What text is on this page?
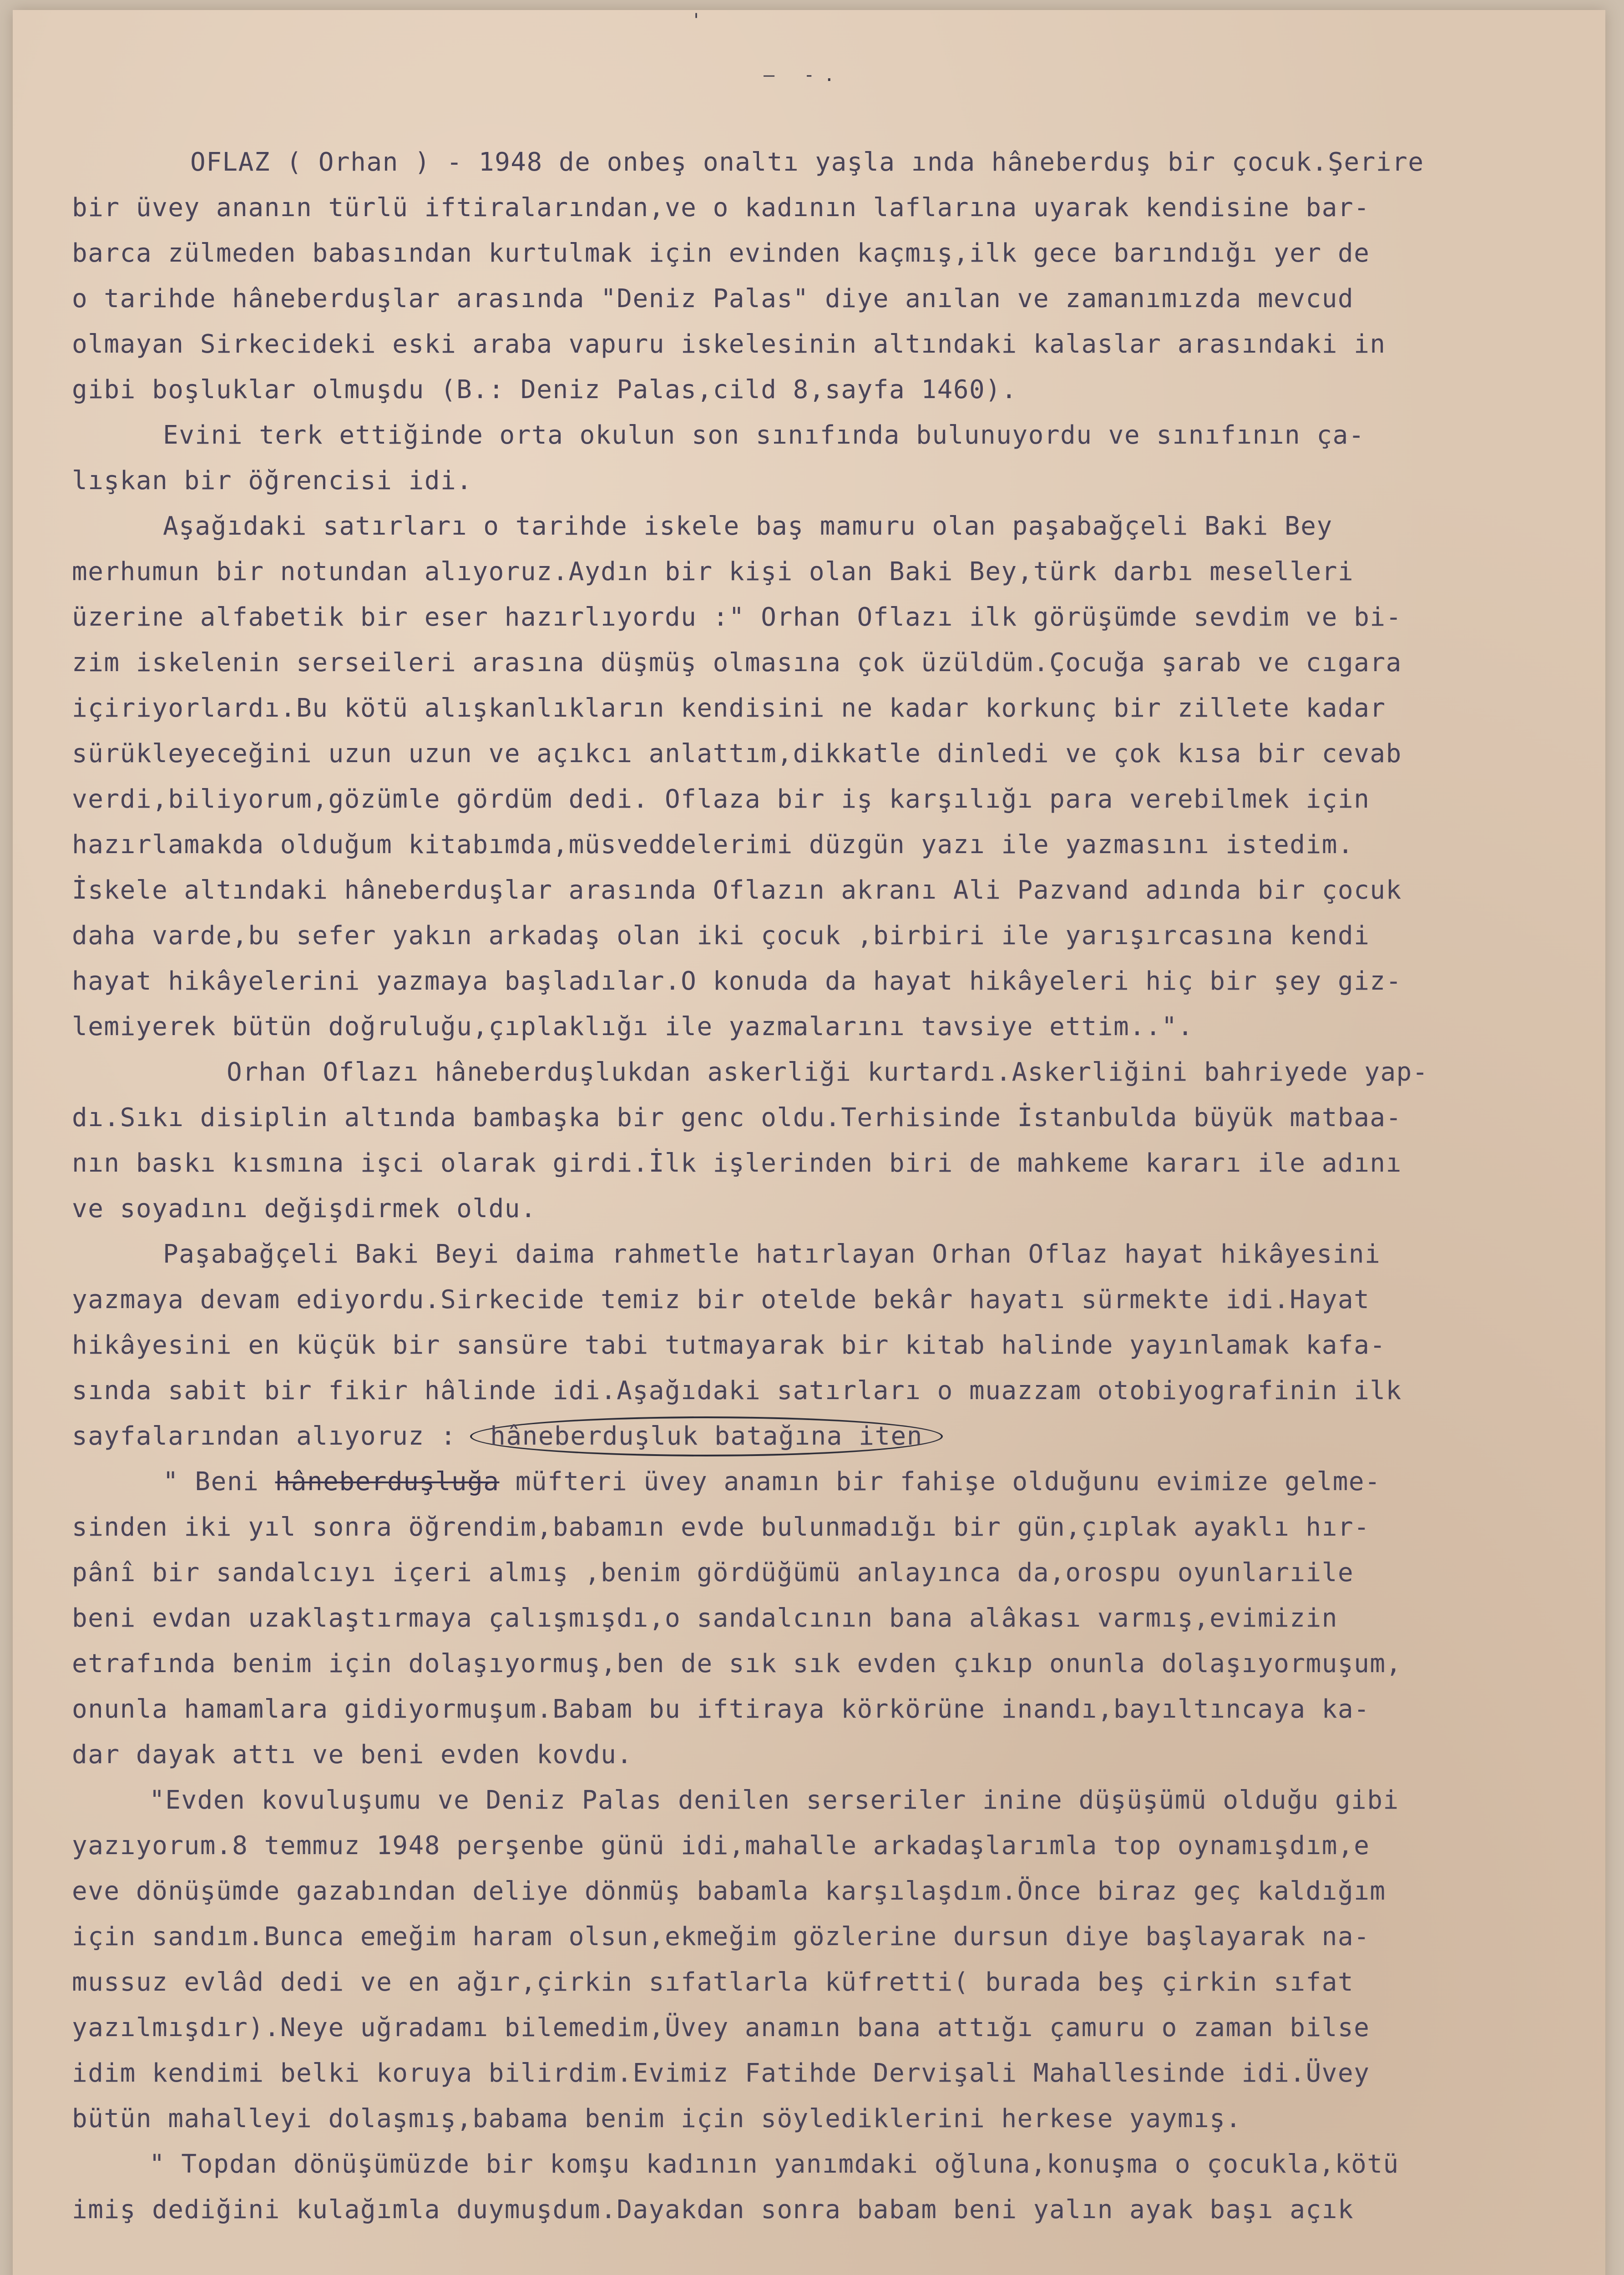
'
— -.
OFLAZ ( Orhan ) - 1948 de onbeş onaltı yaşla ında hâneberduş bir çocuk.Şerire
bir üvey ananın türlü iftiralarından,ve o kadının laflarına uyarak kendisine bar-
barca zülmeden babasından kurtulmak için evinden kaçmış,ilk gece barındığı yer de
o tarihde hâneberduşlar arasında "Deniz Palas" diye anılan ve zamanımızda mevcud
olmayan Sirkecideki eski araba vapuru iskelesinin altındaki kalaslar arasındaki in
gibi boşluklar olmuşdu (B.: Deniz Palas,cild 8,sayfa 1460).
Evini terk ettiğinde orta okulun son sınıfında bulunuyordu ve sınıfının ça-
lışkan bir öğrencisi idi.
Aşağıdaki satırları o tarihde iskele baş mamuru olan paşabağçeli Baki Bey
merhumun bir notundan alıyoruz.Aydın bir kişi olan Baki Bey,türk darbı meselleri
üzerine alfabetik bir eser hazırlıyordu :" Orhan Oflazı ilk görüşümde sevdim ve bi-
zim iskelenin serseileri arasına düşmüş olmasına çok üzüldüm.Çocuğa şarab ve cıgara
içiriyorlardı.Bu kötü alışkanlıkların kendisini ne kadar korkunç bir zillete kadar
sürükleyeceğini uzun uzun ve açıkcı anlattım,dikkatle dinledi ve çok kısa bir cevab
verdi,biliyorum,gözümle gördüm dedi. Oflaza bir iş karşılığı para verebilmek için
hazırlamakda olduğum kitabımda,müsveddelerimi düzgün yazı ile yazmasını istedim.
İskele altındaki hâneberduşlar arasında Oflazın akranı Ali Pazvand adında bir çocuk
daha varde,bu sefer yakın arkadaş olan iki çocuk ,birbiri ile yarışırcasına kendi
hayat hikâyelerini yazmaya başladılar.O konuda da hayat hikâyeleri hiç bir şey giz-
lemiyerek bütün doğruluğu,çıplaklığı ile yazmalarını tavsiye ettim..".
Orhan Oflazı hâneberduşlukdan askerliği kurtardı.Askerliğini bahriyede yap-
dı.Sıkı disiplin altında bambaşka bir genc oldu.Terhisinde İstanbulda büyük matbaa-
nın baskı kısmına işci olarak girdi.İlk işlerinden biri de mahkeme kararı ile adını
ve soyadını değişdirmek oldu.
Paşabağçeli Baki Beyi daima rahmetle hatırlayan Orhan Oflaz hayat hikâyesini
yazmaya devam ediyordu.Sirkecide temiz bir otelde bekâr hayatı sürmekte idi.Hayat
hikâyesini en küçük bir sansüre tabi tutmayarak bir kitab halinde yayınlamak kafa-
sında sabit bir fikir hâlinde idi.Aşağıdaki satırları o muazzam otobiyografinin ilk
sayfalarından alıyoruz : hâneberduşluk batağına iten
" Beni hâneberduşluğa müfteri üvey anamın bir fahişe olduğunu evimize gelme-
sinden iki yıl sonra öğrendim,babamın evde bulunmadığı bir gün,çıplak ayaklı hır-
pânî bir sandalcıyı içeri almış ,benim gördüğümü anlayınca da,orospu oyunlarıile
beni evdan uzaklaştırmaya çalışmışdı,o sandalcının bana alâkası varmış,evimizin
etrafında benim için dolaşıyormuş,ben de sık sık evden çıkıp onunla dolaşıyormuşum,
onunla hamamlara gidiyormuşum.Babam bu iftiraya körkörüne inandı,bayıltıncaya ka-
dar dayak attı ve beni evden kovdu.
"Evden kovuluşumu ve Deniz Palas denilen serseriler inine düşüşümü olduğu gibi
yazıyorum.8 temmuz 1948 perşenbe günü idi,mahalle arkadaşlarımla top oynamışdım,e
eve dönüşümde gazabından deliye dönmüş babamla karşılaşdım.Önce biraz geç kaldığım
için sandım.Bunca emeğim haram olsun,ekmeğim gözlerine dursun diye başlayarak na-
mussuz evlâd dedi ve en ağır,çirkin sıfatlarla küfretti( burada beş çirkin sıfat
yazılmışdır).Neye uğradamı bilemedim,Üvey anamın bana attığı çamuru o zaman bilse
idim kendimi belki koruya bilirdim.Evimiz Fatihde Dervişali Mahallesinde idi.Üvey
bütün mahalleyi dolaşmış,babama benim için söylediklerini herkese yaymış.
" Topdan dönüşümüzde bir komşu kadının yanımdaki oğluna,konuşma o çocukla,kötü
imiş dediğini kulağımla duymuşdum.Dayakdan sonra babam beni yalın ayak başı açık
